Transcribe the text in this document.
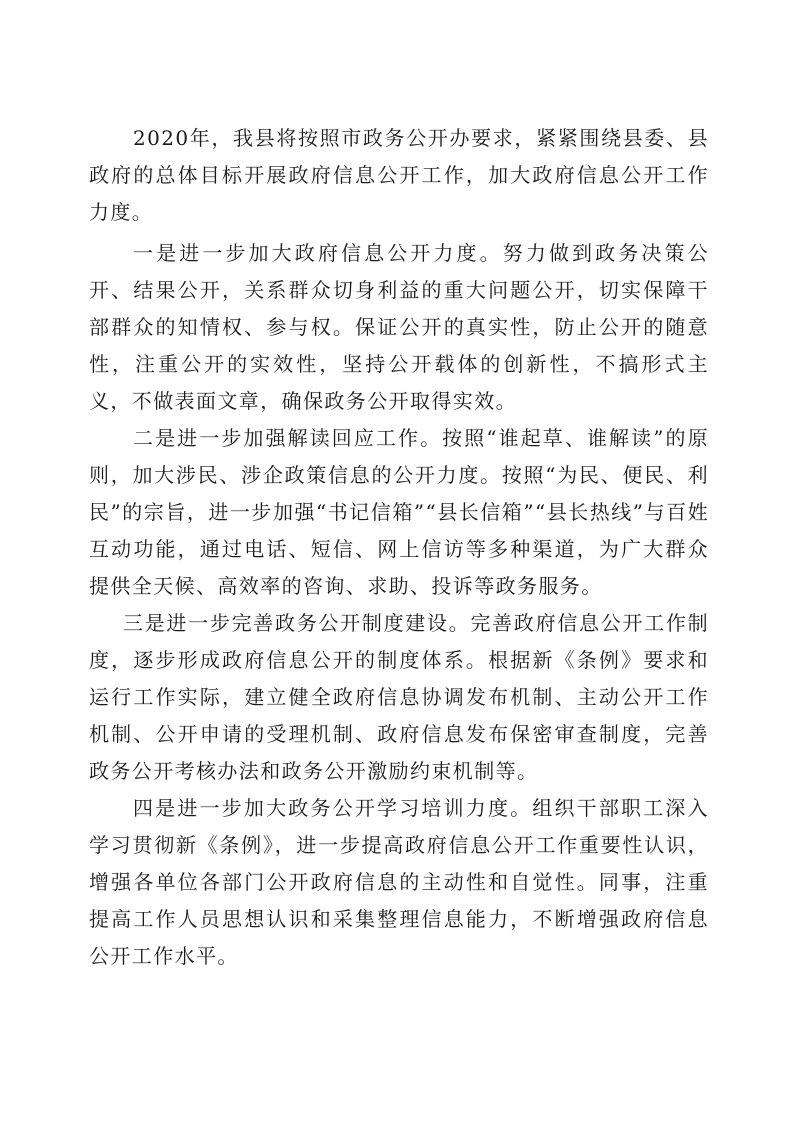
2020年，我县将按照市政务公开办要求，紧紧围绕县委、县政府的总体目标开展政府信息公开工作，加大政府信息公开工作力度。

一是进一步加大政府信息公开力度。努力做到政务决策公开、结果公开，关系群众切身利益的重大问题公开，切实保障干部群众的知情权、参与权。保证公开的真实性，防止公开的随意性，注重公开的实效性，坚持公开载体的创新性，不搞形式主义，不做表面文章，确保政务公开取得实效。

二是进一步加强解读回应工作。按照“谁起草、谁解读”的原则，加大涉民、涉企政策信息的公开力度。按照“为民、便民、利民”的宗旨，进一步加强“书记信箱”“县长信箱”“县长热线”与百姓互动功能，通过电话、短信、网上信访等多种渠道，为广大群众提供全天候、高效率的咨询、求助、投诉等政务服务。

三是进一步完善政务公开制度建设。完善政府信息公开工作制度，逐步形成政府信息公开的制度体系。根据新《条例》要求和运行工作实际，建立健全政府信息协调发布机制、主动公开工作机制、公开申请的受理机制、政府信息发布保密审查制度，完善政务公开考核办法和政务公开激励约束机制等。

四是进一步加大政务公开学习培训力度。组织干部职工深入学习贯彻新《条例》，进一步提高政府信息公开工作重要性认识，增强各单位各部门公开政府信息的主动性和自觉性。同事，注重提高工作人员思想认识和采集整理信息能力，不断增强政府信息公开工作水平。
